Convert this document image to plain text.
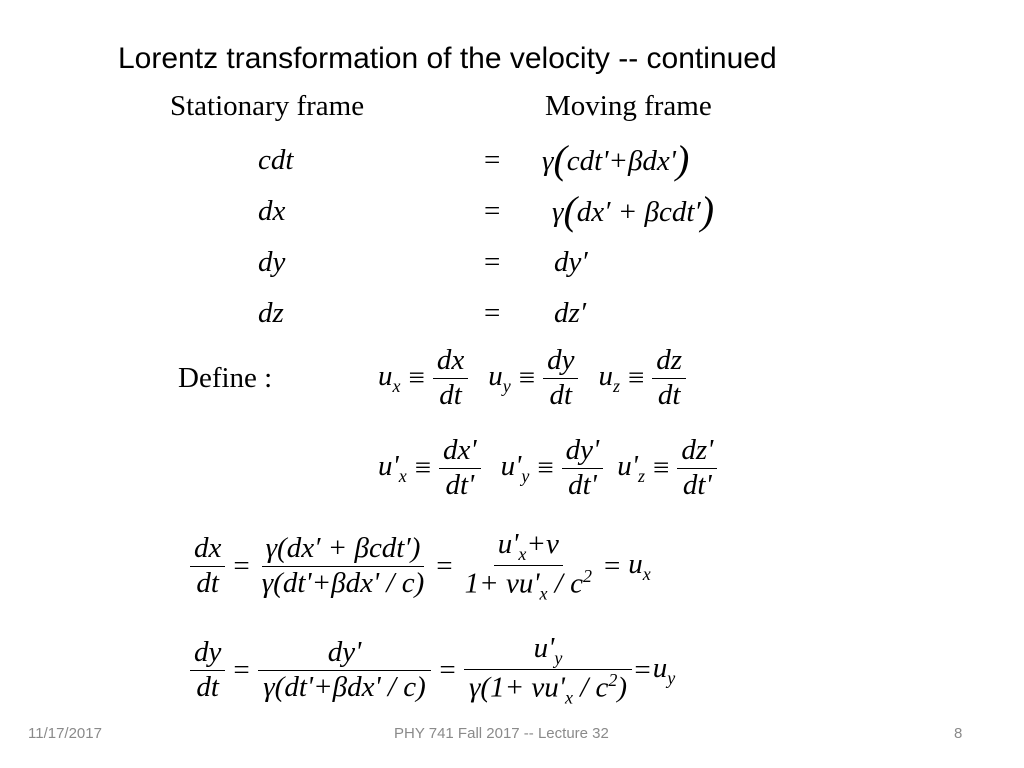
Lorentz transformation of the velocity -- continued
Stationary frame	Moving frame
cdt	= γ(cdt'+βdx')
dx	= γ(dx′ + βcdt′)
dy	= dy′
dz	= dz′
Define :	$u_x \equiv \frac{dx}{dt} u_y \equiv \frac{dy}{dt} u_z \equiv \frac{dz}{dt}$
$u'_x \equiv \frac{dx'}{dt'} u'_y \equiv \frac{dy'}{dt'} u'_z \equiv \frac{dz'}{dt'}$
$\frac{dx}{dt} = \frac{\text{γ(dx′ + βcdt′)}}{\text{γ(dt'+βdx' / c)}} = \frac{u'_x+v}{1+ vu'_x / c^2} = u_x$
$\frac{dy}{dt} = \frac{dy'}{\text{γ(dt'+βdx' / c)}} = \frac{u'_y}{\gamma(1+ vu'_x / c^2)} = u_y$
11/17/2017	PHY 741 Fall 2017 -- Lecture 32	8
